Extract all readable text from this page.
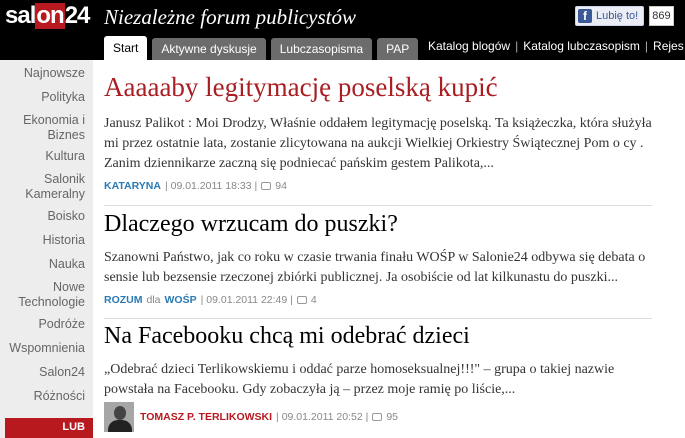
sal on 24 Niezależne forum publicystów	f Lubię to! 869
Start	Aktywne dyskusje	Lubczasopisma	PAP	Katalog blogów | Katalog lubczasopism | Rejes
Najnowsze
Polityka
Ekonomia i
Biznes
Kultura
Salonik
Kameralny
Boisko
Historia
Nauka
Nowe
Technologie
Podróże
Wspomnienia
Salon24
Różności
LUB
Aaaaaby legitymację poselską kupić
Janusz Palikot : Moi Drodzy, Właśnie oddałem legitymację poselską. Ta książeczka, która służyła mi przez ostatnie lata, zostanie zlicytowana na aukcji Wielkiej Orkiestry Świątecznej Pom o cy . Zanim dziennikarze zaczną się podniecać pańskim gestem Palikota,...
KATARYNA | 09.01.2011 18:33 | 94
Dlaczego wrzucam do puszki?
Szanowni Państwo, jak co roku w czasie trwania finału WOŚP w Salonie24 odbywa się debata o sensie lub bezsensie rzeczonej zbiórki publicznej. Ja osobiście od lat kilkunastu do puszki...
ROZUM dla WOŚP | 09.01.2011 22:49 | 4
Na Facebooku chcą mi odebrać dzieci
„Odebrać dzieci Terlikowskiemu i oddać parze homoseksualnej!!!" – grupa o takiej nazwie powstała na Facebooku. Gdy zobaczyła ją – przez moje ramię po liście,...
TOMASZ P. TERLIKOWSKI | 09.01.2011 20:52 | 95
